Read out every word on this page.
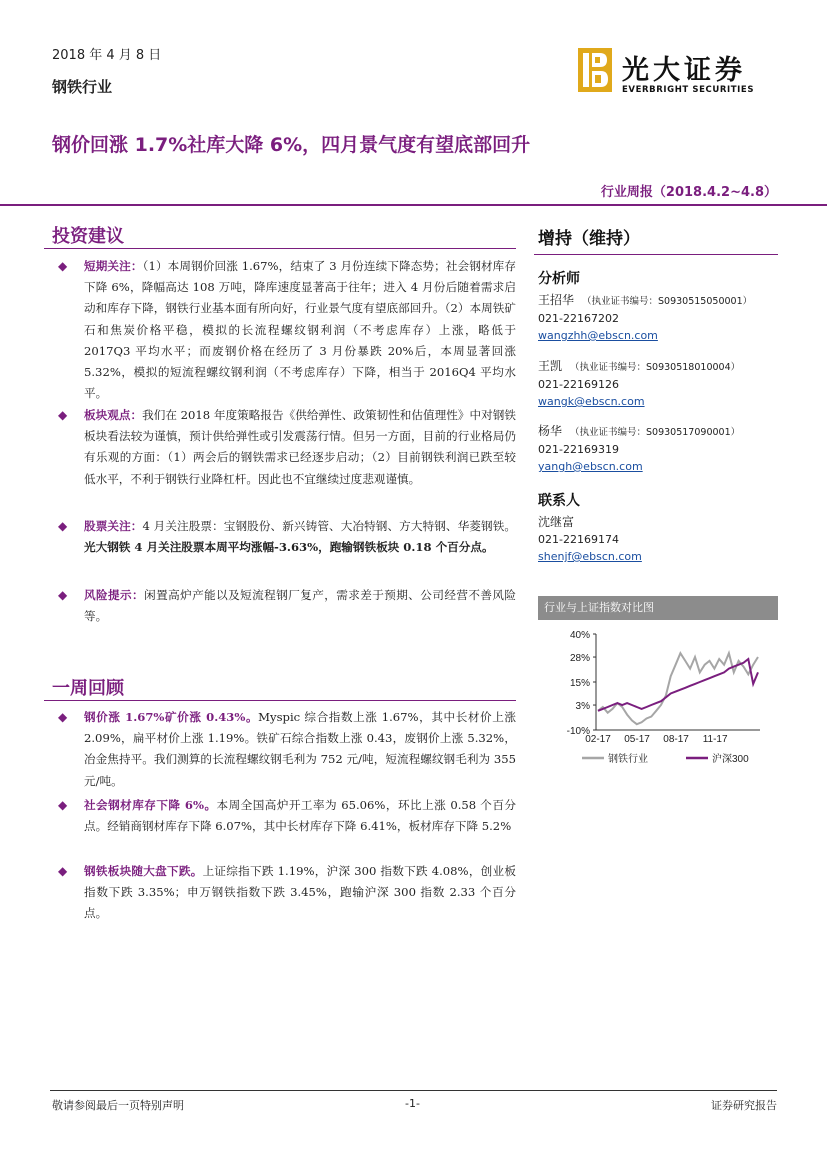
2018 年 4 月 8 日
钢铁行业
光大证券
EVERBRIGHT SECURITIES
钢价回涨 1.7%社库大降 6%，四月景气度有望底部回升
行业周报（2018.4.2~4.8）
投资建议
◆ 短期关注：（1）本周钢价回涨 1.67%，结束了 3 月份连续下降态势；社会钢材库存下降 6%，降幅高达 108 万吨，降库速度显著高于往年；进入 4 月份后随着需求启动和库存下降，钢铁行业基本面有所向好，行业景气度有望底部回升。（2）本周铁矿石和焦炭价格平稳，模拟的长流程螺纹钢利润（不考虑库存）上涨，略低于 2017Q3 平均水平；而废钢价格在经历了 3 月份暴跌 20%后，本周显著回涨 5.32%，模拟的短流程螺纹钢利润（不考虑库存）下降，相当于 2016Q4 平均水平。
◆ 板块观点：我们在 2018 年度策略报告《供给弹性、政策韧性和估值理性》中对钢铁板块看法较为谨慎，预计供给弹性或引发震荡行情。但另一方面，目前的行业格局仍有乐观的方面：（1）两会后的钢铁需求已经逐步启动；（2）目前钢铁利润已跌至较低水平，不利于钢铁行业降杠杆。因此也不宜继续过度悲观谨慎。
◆ 股票关注：4 月关注股票：宝钢股份、新兴铸管、大冶特钢、方大特钢、华菱钢铁。光大钢铁 4 月关注股票本周平均涨幅-3.63%，跑输钢铁板块 0.18 个百分点。
◆ 风险提示：闲置高炉产能以及短流程钢厂复产，需求差于预期、公司经营不善风险等。
一周回顾
◆ 钢价涨 1.67%矿价涨 0.43%。Myspic 综合指数上涨 1.67%，其中长材价上涨 2.09%，扁平材价上涨 1.19%。铁矿石综合指数上涨 0.43，废钢价上涨 5.32%，冶金焦持平。我们测算的长流程螺纹钢毛利为 752 元/吨，短流程螺纹钢毛利为 355 元/吨。
◆ 社会钢材库存下降 6%。本周全国高炉开工率为 65.06%，环比上涨 0.58 个百分点。经销商钢材库存下降 6.07%，其中长材库存下降 6.41%，板材库存下降 5.2%
◆ 钢铁板块随大盘下跌。上证综指下跌 1.19%，沪深 300 指数下跌 4.08%，创业板指数下跌 3.35%；申万钢铁指数下跌 3.45%，跑输沪深 300 指数 2.33 个百分点。
增持（维持）
分析师
王招华 （执业证书编号：S0930515050001）
021-22167202
wangzhh@ebscn.com
王凯 （执业证书编号：S0930518010004）
021-22169126
wangk@ebscn.com
杨华 （执业证书编号：S0930517090001）
021-22169319
yangh@ebscn.com
联系人
沈继富
021-22169174
shenjf@ebscn.com
行业与上证指数对比图
40%
28%
15%
3%
-10%
02-17 05-17 08-17 11-17
钢铁行业	沪深300
敬请参阅最后一页特别声明	-1-	证券研究报告
